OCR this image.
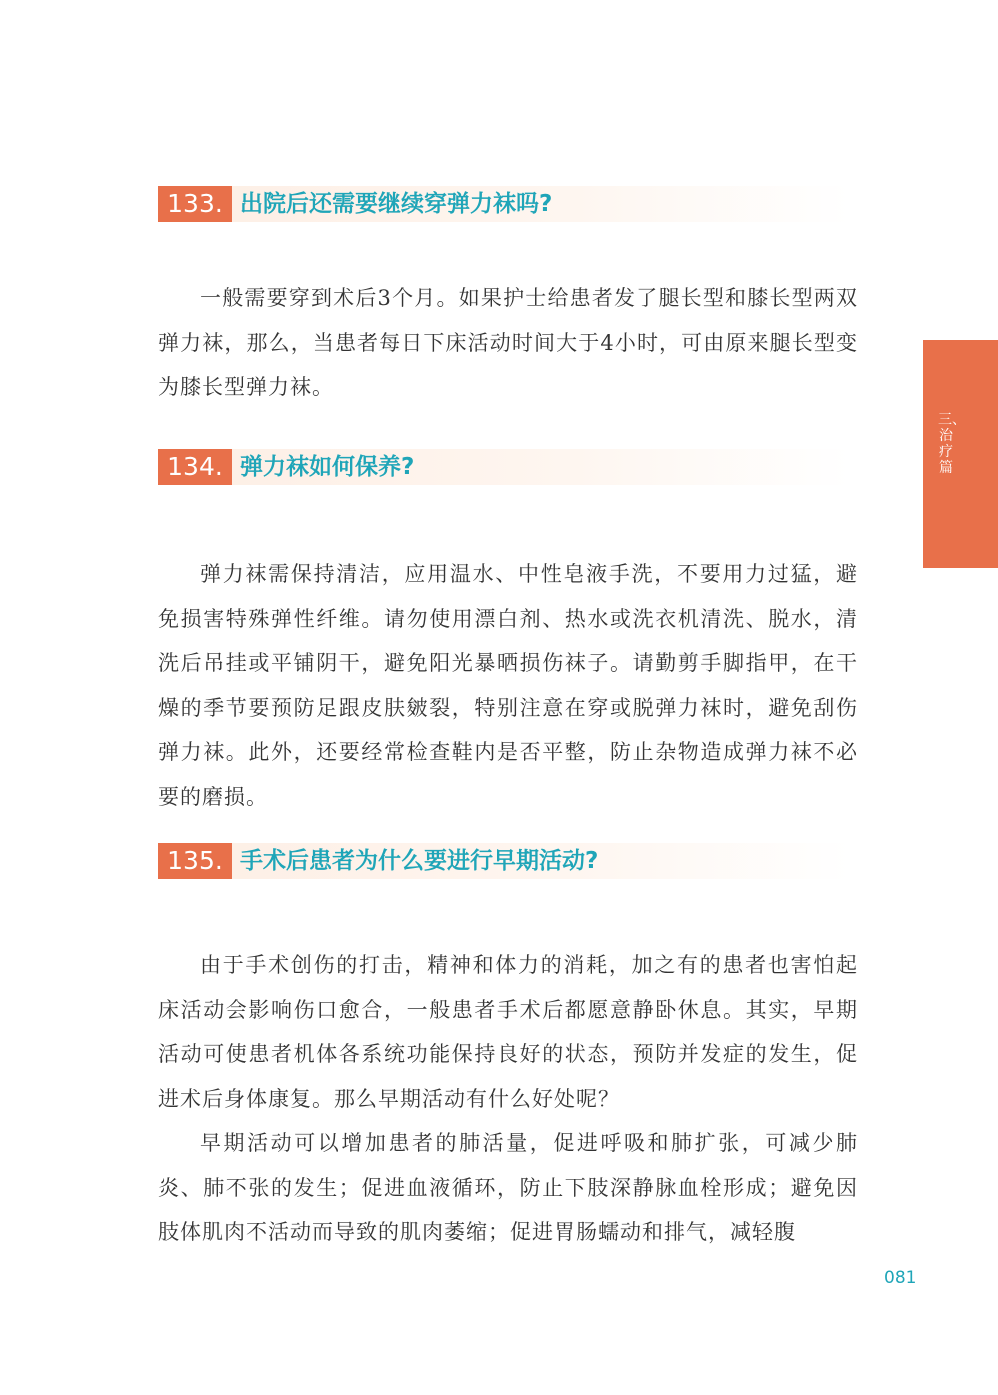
133. 出院后还需要继续穿弹力袜吗?

一般需要穿到术后3个月。如果护士给患者发了腿长型和膝长型两双弹力袜，那么，当患者每日下床活动时间大于4小时，可由原来腿长型变为膝长型弹力袜。

134. 弹力袜如何保养?

弹力袜需保持清洁，应用温水、中性皂液手洗，不要用力过猛，避免损害特殊弹性纤维。请勿使用漂白剂、热水或洗衣机清洗、脱水，清洗后吊挂或平铺阴干，避免阳光暴晒损伤袜子。请勤剪手脚指甲，在干燥的季节要预防足跟皮肤皴裂，特别注意在穿或脱弹力袜时，避免刮伤弹力袜。此外，还要经常检查鞋内是否平整，防止杂物造成弹力袜不必要的磨损。

135. 手术后患者为什么要进行早期活动?

由于手术创伤的打击，精神和体力的消耗，加之有的患者也害怕起床活动会影响伤口愈合，一般患者手术后都愿意静卧休息。其实，早期活动可使患者机体各系统功能保持良好的状态，预防并发症的发生，促进术后身体康复。那么早期活动有什么好处呢？

早期活动可以增加患者的肺活量，促进呼吸和肺扩张，可减少肺炎、肺不张的发生；促进血液循环，防止下肢深静脉血栓形成；避免因肢体肌肉不活动而导致的肌肉萎缩；促进胃肠蠕动和排气，减轻腹

三、治疗篇
081
